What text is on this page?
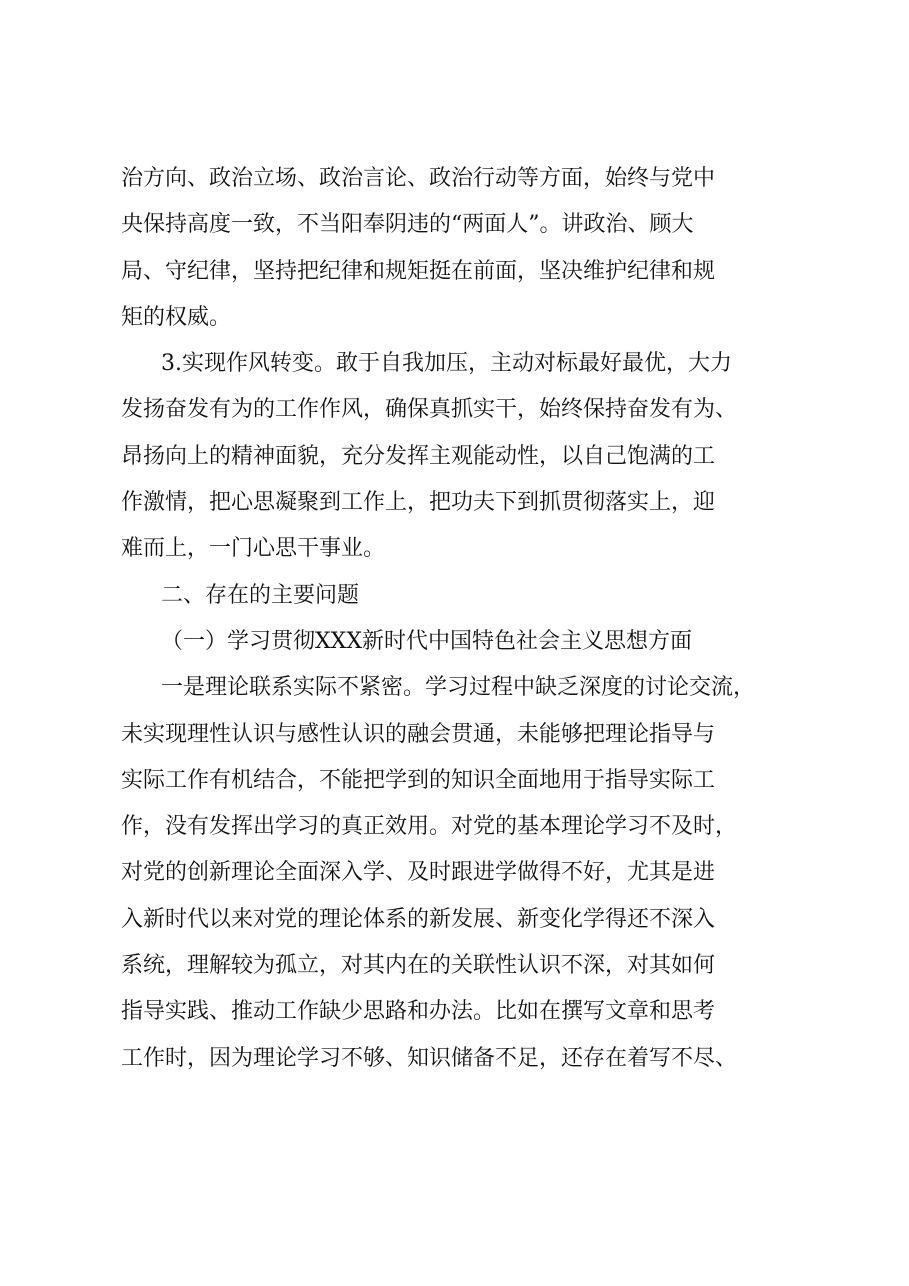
治方向、政治立场、政治言论、政治行动等方面，始终与党中

央保持高度一致，不当阳奉阴违的“两面人”。讲政治、顾大

局、守纪律，坚持把纪律和规矩挺在前面，坚决维护纪律和规

矩的权威。

3.实现作风转变。敢于自我加压，主动对标最好最优，大力

发扬奋发有为的工作作风，确保真抓实干，始终保持奋发有为、

昂扬向上的精神面貌，充分发挥主观能动性，以自己饱满的工

作激情，把心思凝聚到工作上，把功夫下到抓贯彻落实上，迎

难而上，一门心思干事业。

二、存在的主要问题

（一）学习贯彻XXX新时代中国特色社会主义思想方面

一是理论联系实际不紧密。学习过程中缺乏深度的讨论交流，

未实现理性认识与感性认识的融会贯通，未能够把理论指导与

实际工作有机结合，不能把学到的知识全面地用于指导实际工

作，没有发挥出学习的真正效用。对党的基本理论学习不及时，

对党的创新理论全面深入学、及时跟进学做得不好，尤其是进

入新时代以来对党的理论体系的新发展、新变化学得还不深入

系统，理解较为孤立，对其内在的关联性认识不深，对其如何

指导实践、推动工作缺少思路和办法。比如在撰写文章和思考

工作时，因为理论学习不够、知识储备不足，还存在着写不尽、
